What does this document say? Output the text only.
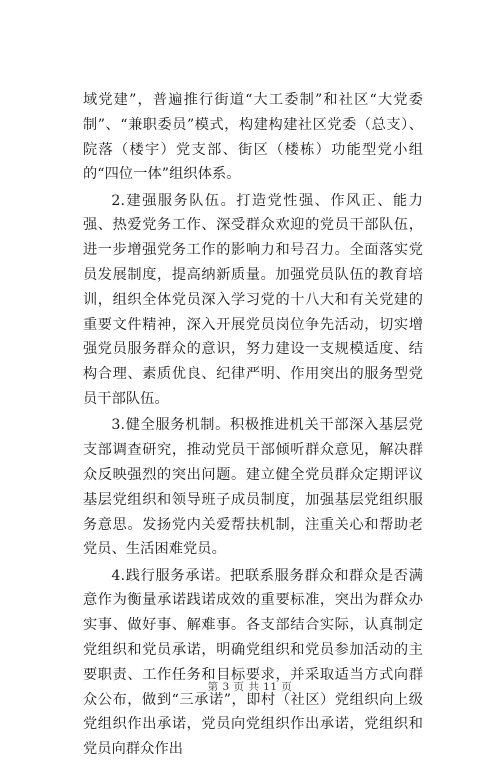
域党建”，普遍推行街道“大工委制”和社区“大党委制”、“兼职委员”模式，构建构建社区党委（总支）、院落（楼宇）党支部、街区（楼栋）功能型党小组的“四位一体”组织体系。

2.建强服务队伍。打造党性强、作风正、能力强、热爱党务工作、深受群众欢迎的党员干部队伍，进一步增强党务工作的影响力和号召力。全面落实党员发展制度，提高纳新质量。加强党员队伍的教育培训，组织全体党员深入学习党的十八大和有关党建的重要文件精神，深入开展党员岗位争先活动，切实增强党员服务群众的意识，努力建设一支规模适度、结构合理、素质优良、纪律严明、作用突出的服务型党员干部队伍。

3.健全服务机制。积极推进机关干部深入基层党支部调查研究，推动党员干部倾听群众意见，解决群众反映强烈的突出问题。建立健全党员群众定期评议基层党组织和领导班子成员制度，加强基层党组织服务意思。发扬党内关爱帮扶机制，注重关心和帮助老党员、生活困难党员。

4.践行服务承诺。把联系服务群众和群众是否满意作为衡量承诺践诺成效的重要标准，突出为群众办实事、做好事、解难事。各支部结合实际，认真制定党组织和党员承诺，明确党组织和党员参加活动的主要职责、工作任务和目标要求，并采取适当方式向群众公布，做到“三承诺”，即村（社区）党组织向上级党组织作出承诺，党员向党组织作出承诺，党组织和党员向群众作出

第 3 页 共 11 页
